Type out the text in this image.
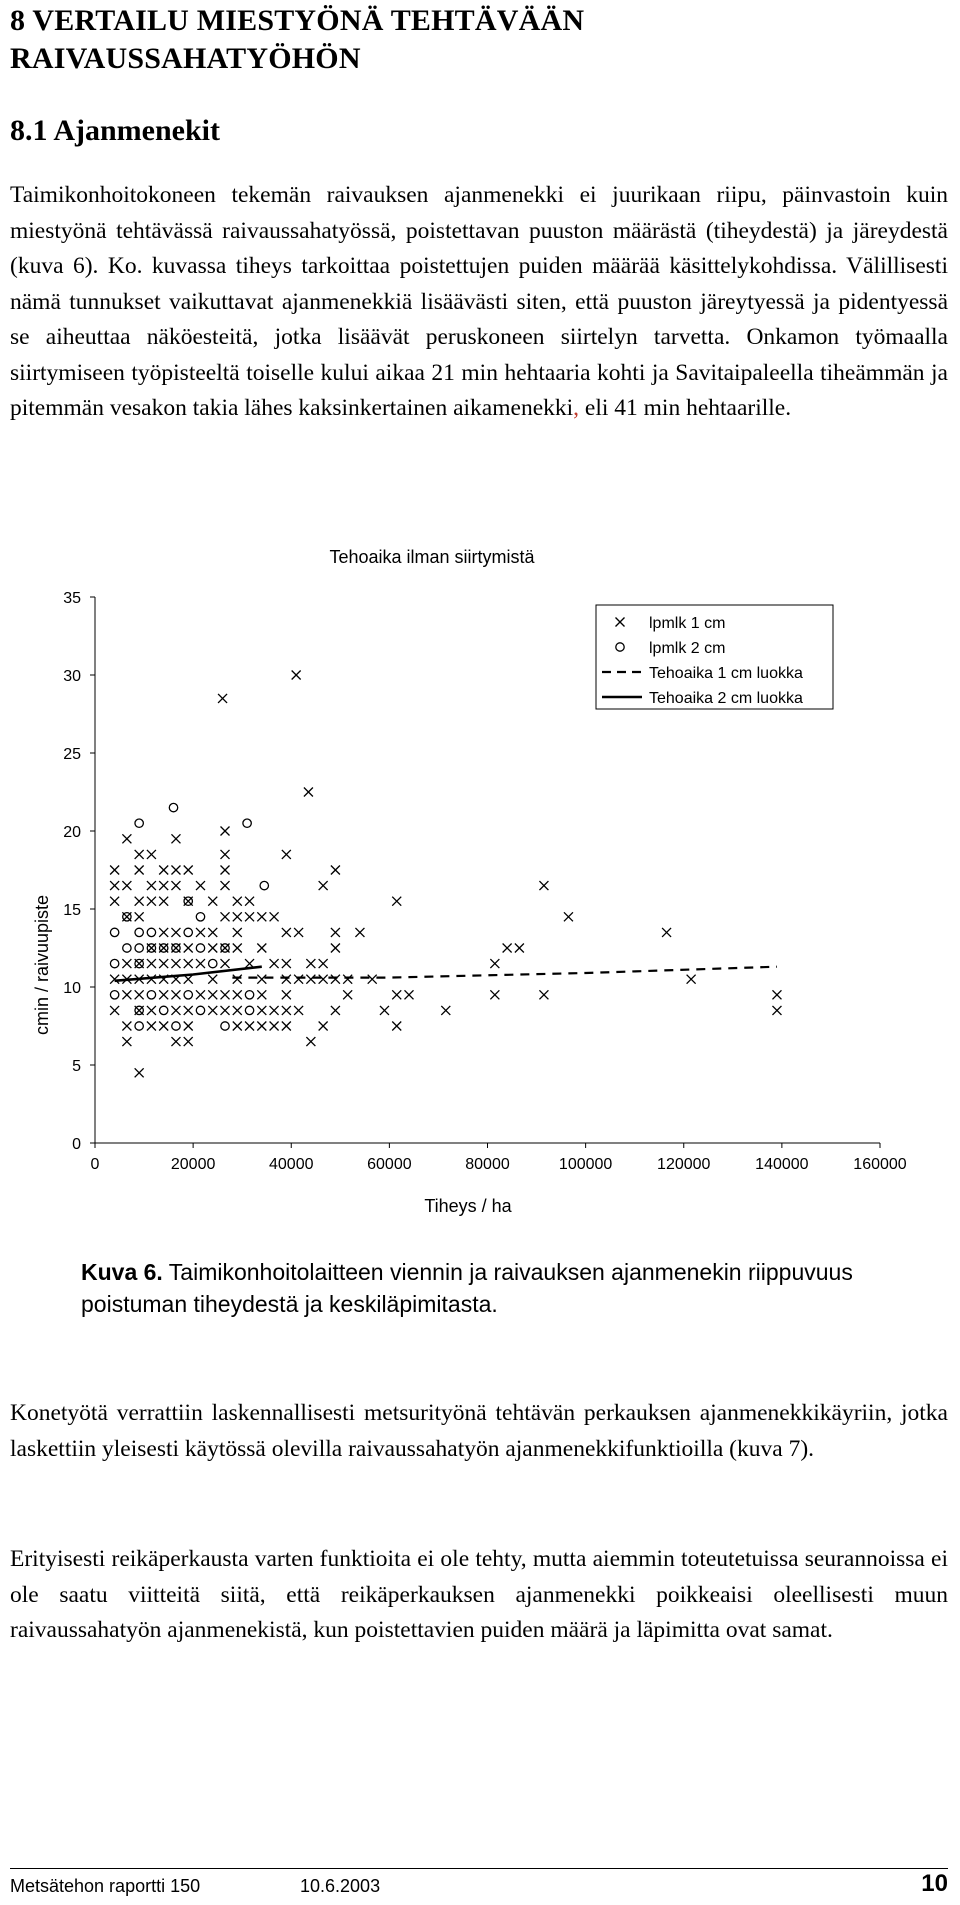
8 VERTAILU MIESTYÖNÄ TEHTÄVÄÄN RAIVAUSSAHATYÖHÖN
8.1 Ajanmenekit
Taimikonhoitokoneen tekemän raivauksen ajanmenekki ei juurikaan riipu, päinvastoin kuin miestyönä tehtävässä raivaussahatyössä, poistettavan puuston määrästä (tiheydestä) ja järeydestä (kuva 6). Ko. kuvassa tiheys tarkoittaa poistettujen puiden määrää käsittelykohdissa. Välillisesti nämä tunnukset vaikuttavat ajanmenekkiä lisäävästi siten, että puuston järeytyessä ja pidentyessä se aiheuttaa näköesteitä, jotka lisäävät peruskoneen siirtelyn tarvetta. Onkamon työmaalla siirtymiseen työpisteeltä toiselle kului aikaa 21 min hehtaaria kohti ja Savitaipaleella tiheämmän ja pitemmän vesakon takia lähes kaksinkertainen aikamenekki, eli 41 min hehtaarille.
Tehoaika ilman siirtymistä
cmin / raivuupiste
Tiheys / ha
0
5
10
15
20
25
30
35
0	20000	40000	60000	80000	100000	120000	140000	160000
lpmlk 1 cm
lpmlk 2 cm
Tehoaika 1 cm luokka
Tehoaika 2 cm luokka
Kuva 6. Taimikonhoitolaitteen viennin ja raivauksen ajanmenekin riippuvuus poistuman tiheydestä ja keskiläpimitasta.
Konetyötä verrattiin laskennallisesti metsurityönä tehtävän perkauksen ajanmenekkikäyriin, jotka laskettiin yleisesti käytössä olevilla raivaussahatyön ajanmenekkifunktioilla (kuva 7).
Erityisesti reikäperkausta varten funktioita ei ole tehty, mutta aiemmin toteutetuissa seurannoissa ei ole saatu viitteitä siitä, että reikäperkauksen ajanmenekki poikkeaisi oleellisesti muun raivaussahatyön ajanmenekistä, kun poistettavien puiden määrä ja läpimitta ovat samat.
Metsätehon raportti 150	10.6.2003	10
